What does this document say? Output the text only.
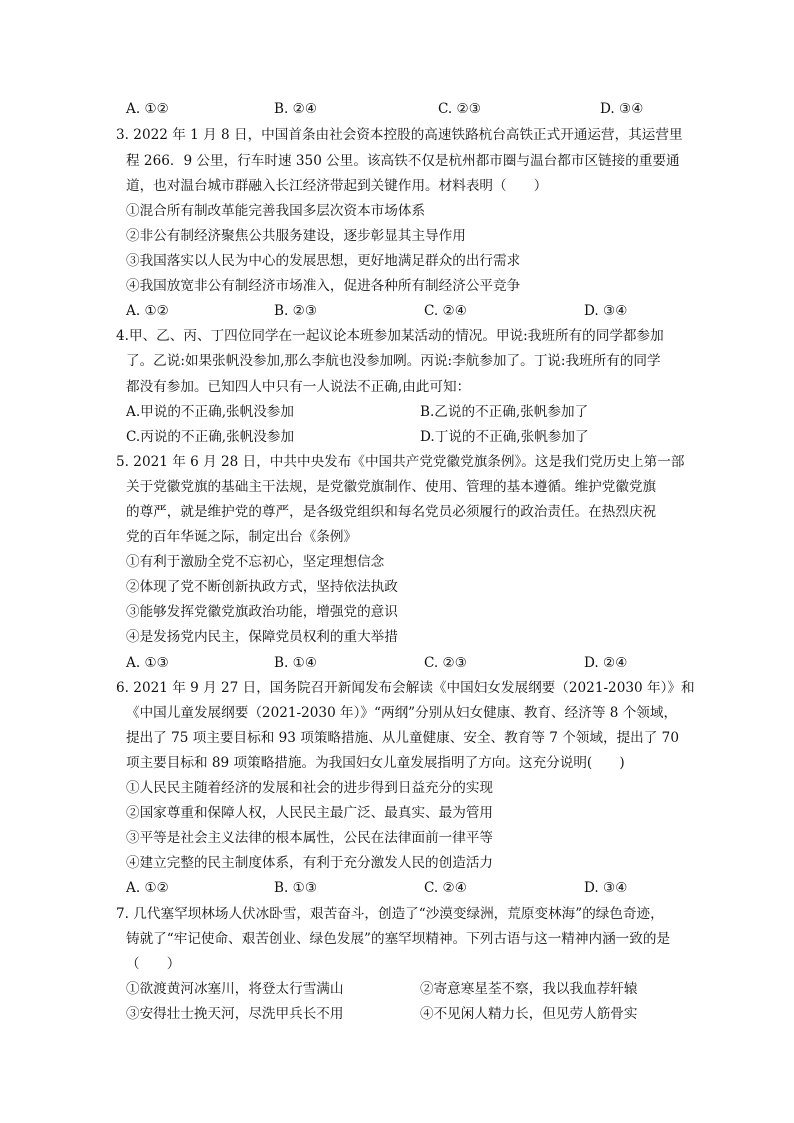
A. ①②	B. ②④	C. ②③	D. ③④
3. 2022 年 1 月 8 日，中国首条由社会资本控股的高速铁路杭台高铁正式开通运营，其运营里
程 266．9 公里，行车时速 350 公里。该高铁不仅是杭州都市圈与温台都市区链接的重要通
道，也对温台城市群融入长江经济带起到关键作用。材料表明（　　）
①混合所有制改革能完善我国多层次资本市场体系
②非公有制经济聚焦公共服务建设，逐步彰显其主导作用
③我国落实以人民为中心的发展思想，更好地满足群众的出行需求
④我国放宽非公有制经济市场准入，促进各种所有制经济公平竞争
A. ①②	B. ②③	C. ②④	D. ③④
4.甲、乙、丙、丁四位同学在一起议论本班参加某活动的情况。甲说:我班所有的同学都参加
了。乙说:如果张帆没参加,那么李航也没参加咧。丙说:李航参加了。丁说:我班所有的同学
都没有参加。已知四人中只有一人说法不正确,由此可知：
A.甲说的不正确,张帆没参加	B.乙说的不正确,张帆参加了
C.丙说的不正确,张帆没参加	D.丁说的不正确,张帆参加了
5. 2021 年 6 月 28 日，中共中央发布《中国共产党党徽党旗条例》。这是我们党历史上第一部
关于党徽党旗的基础主干法规，是党徽党旗制作、使用、管理的基本遵循。维护党徽党旗
的尊严，就是维护党的尊严，是各级党组织和每名党员必须履行的政治责任。在热烈庆祝
党的百年华诞之际，制定出台《条例》
①有利于激励全党不忘初心，坚定理想信念
②体现了党不断创新执政方式，坚持依法执政
③能够发挥党徽党旗政治功能，增强党的意识
④是发扬党内民主，保障党员权利的重大举措
A. ①③	B. ①④	C. ②③	D. ②④
6. 2021 年 9 月 27 日，国务院召开新闻发布会解读《中国妇女发展纲要（2021-2030 年）》和
《中国儿童发展纲要（2021-2030 年）》“两纲”分别从妇女健康、教育、经济等 8 个领域，
提出了 75 项主要目标和 93 项策略措施、从儿童健康、安全、教育等 7 个领域，提出了 70
项主要目标和 89 项策略措施。为我国妇女儿童发展指明了方向。这充分说明(　　)
①人民民主随着经济的发展和社会的进步得到日益充分的实现
②国家尊重和保障人权，人民民主最广泛、最真实、最为管用
③平等是社会主义法律的根本属性，公民在法律面前一律平等
④建立完整的民主制度体系，有利于充分激发人民的创造活力
A. ①②	B. ①③	C. ②④	D. ③④
7. 几代塞罕坝林场人伏冰卧雪，艰苦奋斗，创造了“沙漠变绿洲，荒原变林海”的绿色奇迹，
铸就了“牢记使命、艰苦创业、绿色发展”的塞罕坝精神。下列古语与这一精神内涵一致的是
（　　）
①欲渡黄河冰塞川，将登太行雪满山	②寄意寒星荃不察，我以我血荐轩辕
③安得壮士挽天河，尽洗甲兵长不用	④不见闲人精力长，但见劳人筋骨实
